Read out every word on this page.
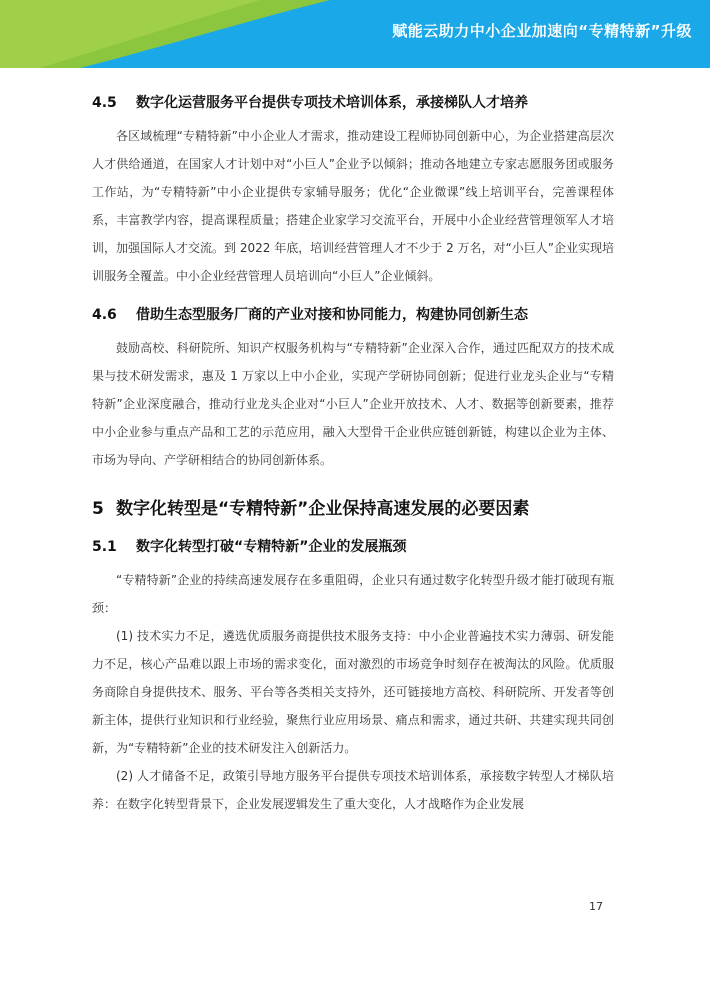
赋能云助力中小企业加速向“专精特新”升级
4.5 数字化运营服务平台提供专项技术培训体系，承接梯队人才培养

各区域梳理“专精特新”中小企业人才需求，推动建设工程师协同创新中心，为企业搭建高层次人才供给通道，在国家人才计划中对“小巨人”企业予以倾斜；推动各地建立专家志愿服务团或服务工作站，为“专精特新”中小企业提供专家辅导服务；优化“企业微课”线上培训平台，完善课程体系，丰富教学内容，提高课程质量；搭建企业家学习交流平台，开展中小企业经营管理领军人才培训，加强国际人才交流。到 2022 年底，培训经营管理人才不少于 2 万名，对“小巨人”企业实现培训服务全覆盖。中小企业经营管理人员培训向“小巨人”企业倾斜。

4.6 借助生态型服务厂商的产业对接和协同能力，构建协同创新生态

鼓励高校、科研院所、知识产权服务机构与“专精特新”企业深入合作，通过匹配双方的技术成果与技术研发需求，惠及 1 万家以上中小企业，实现产学研协同创新；促进行业龙头企业与“专精特新”企业深度融合，推动行业龙头企业对“小巨人”企业开放技术、人才、数据等创新要素，推荐中小企业参与重点产品和工艺的示范应用，融入大型骨干企业供应链创新链，构建以企业为主体、市场为导向、产学研相结合的协同创新体系。

5 数字化转型是“专精特新”企业保持高速发展的必要因素
5.1 数字化转型打破“专精特新”企业的发展瓶颈

“专精特新”企业的持续高速发展存在多重阻碍，企业只有通过数字化转型升级才能打破现有瓶颈：

(1) 技术实力不足，遴选优质服务商提供技术服务支持：中小企业普遍技术实力薄弱、研发能力不足，核心产品难以跟上市场的需求变化，面对激烈的市场竞争时刻存在被淘汰的风险。优质服务商除自身提供技术、服务、平台等各类相关支持外，还可链接地方高校、科研院所、开发者等创新主体，提供行业知识和行业经验，聚焦行业应用场景、痛点和需求，通过共研、共建实现共同创新，为“专精特新”企业的技术研发注入创新活力。

(2) 人才储备不足，政策引导地方服务平台提供专项技术培训体系，承接数字转型人才梯队培养：在数字化转型背景下，企业发展逻辑发生了重大变化，人才战略作为企业发展

17
